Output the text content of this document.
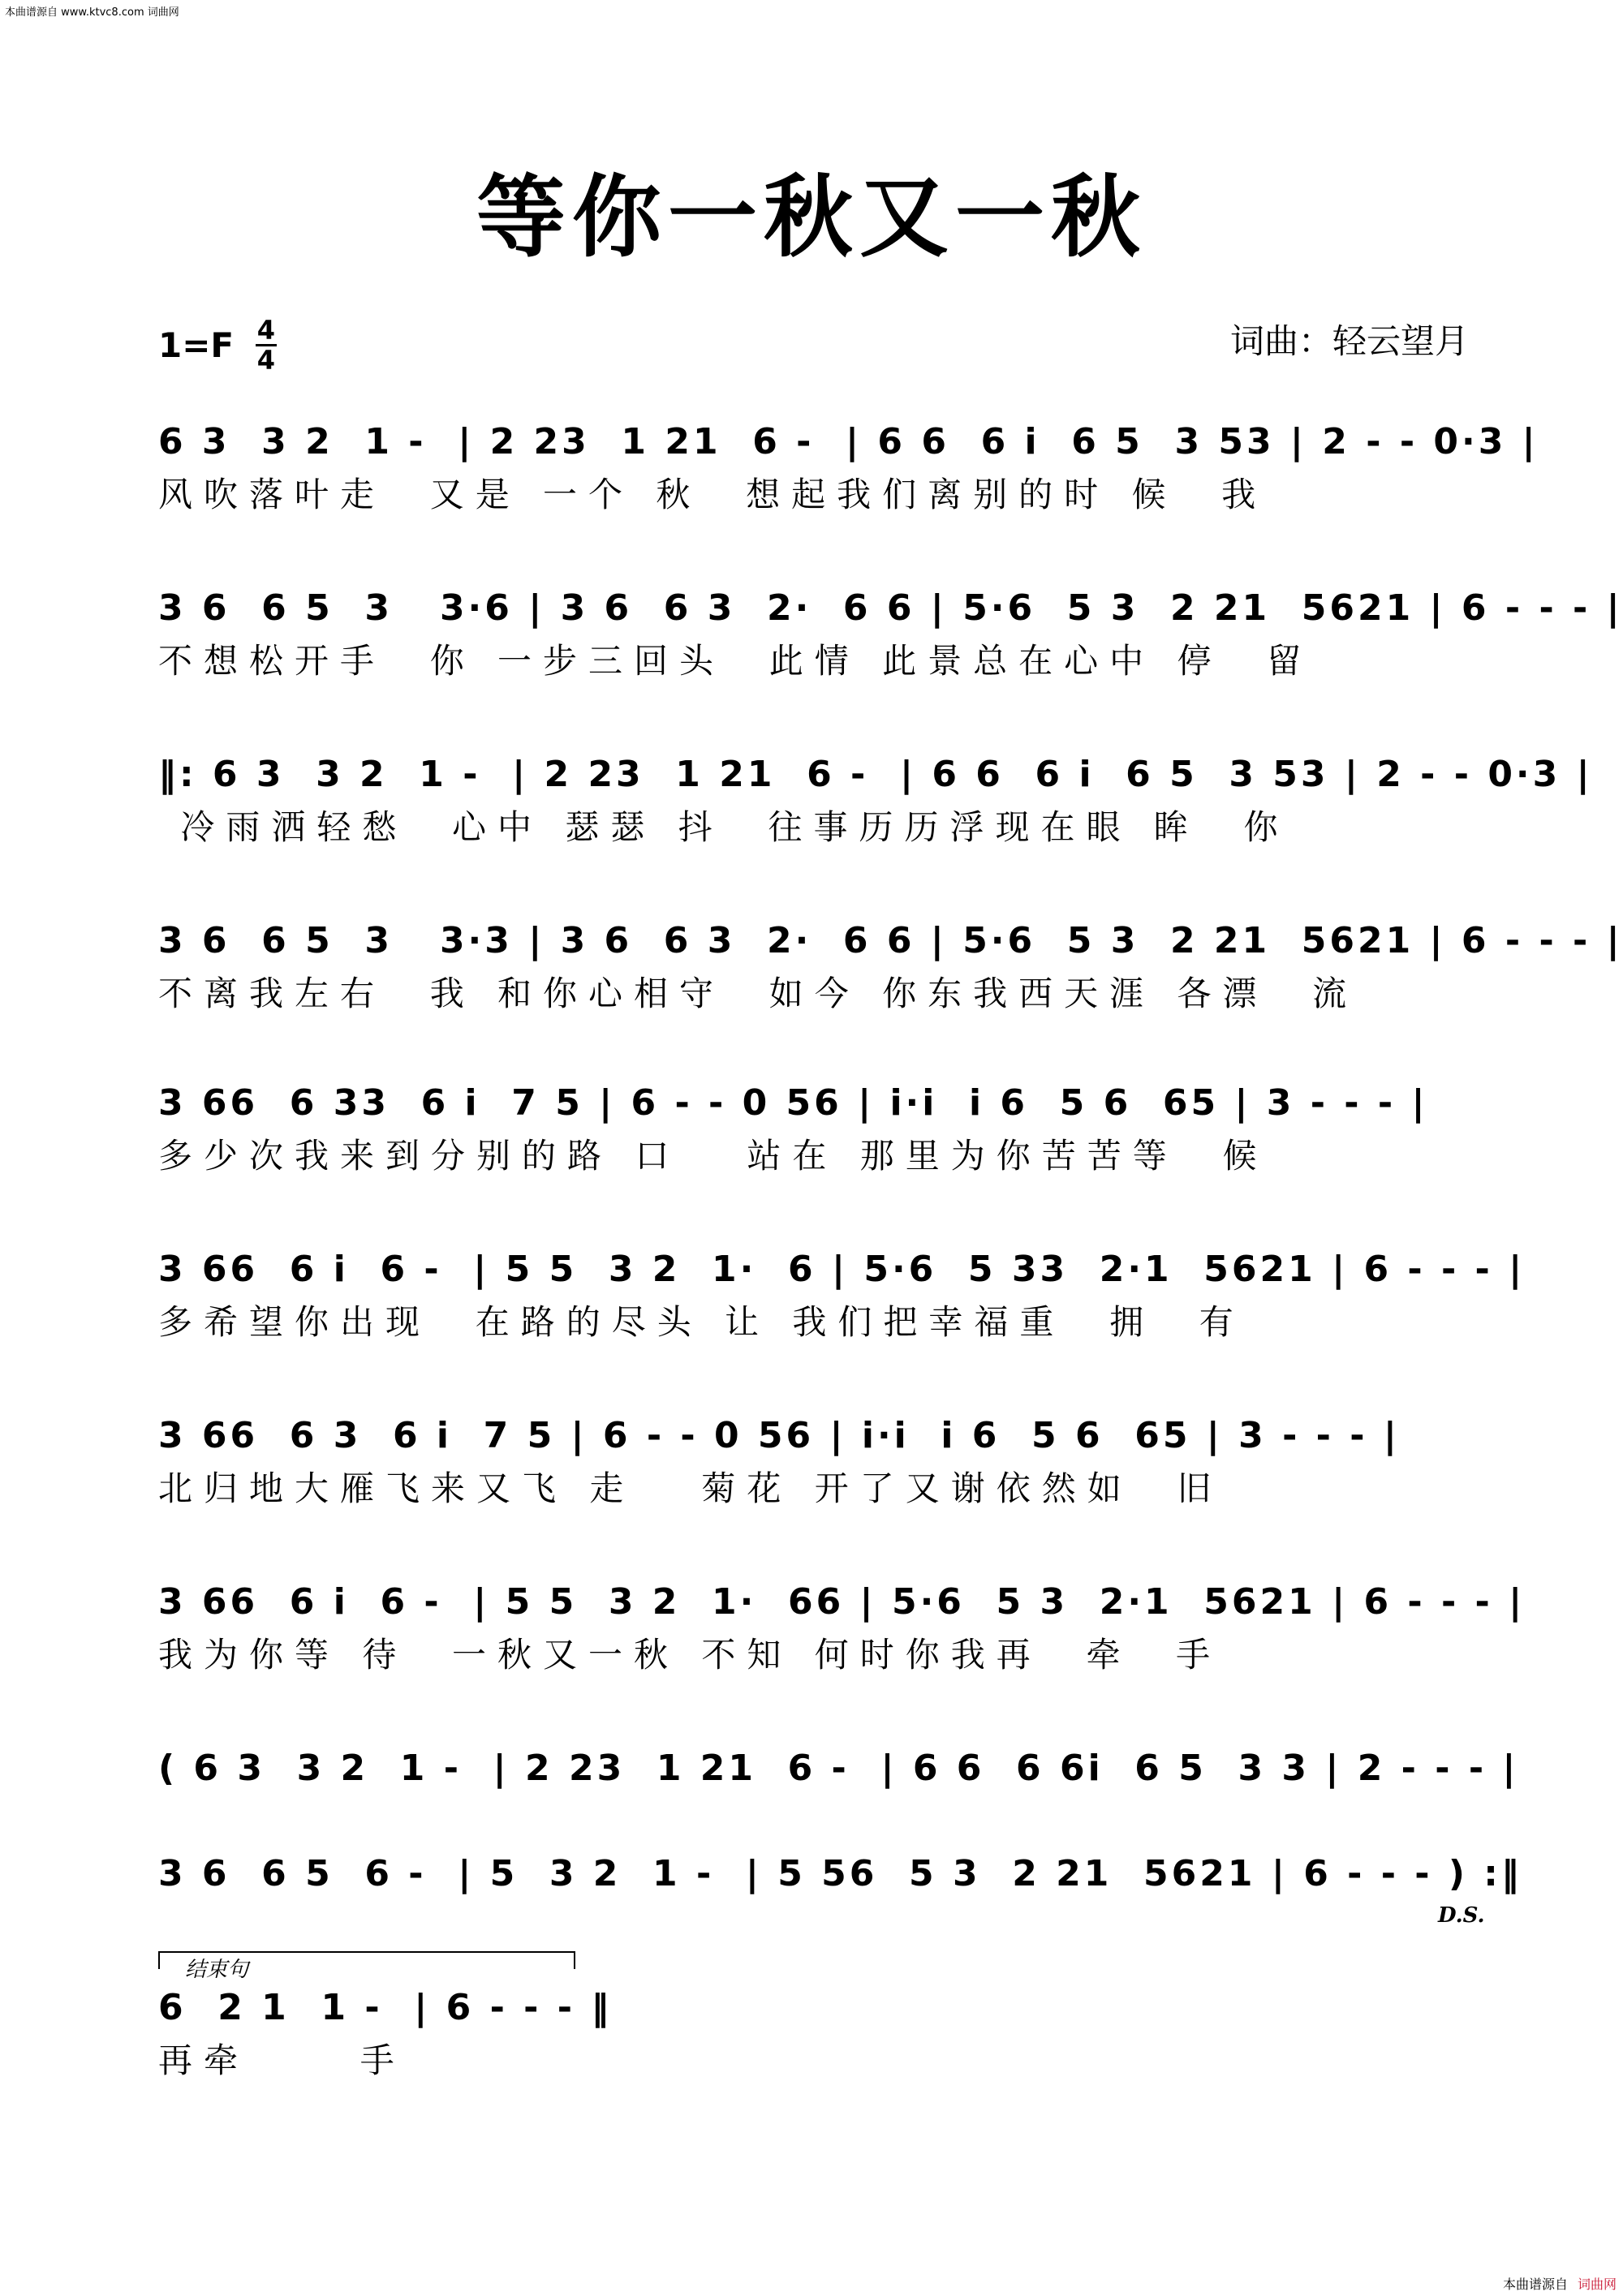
本曲谱源自 www.ktvc8.com 词曲网
等你一秋又一秋
$1=F \frac{4}{4}$	词曲：轻云望月
6 3  3 2  1 -  | 2 23  1 21  6 -  | 6 6  6 i  6 5  3 53 | 2 - - 0·3 |
风吹落叶走  又是 一个 秋  想起我们离别的时 候  我
3 6  6 5  3   3·6 | 3 6  6 3  2·  6 6 | 5·6  5 3  2 21  5621 | 6 - - - |
不想松开手  你 一步三回头  此情 此景总在心中 停  留
‖: 6 3  3 2  1 -  | 2 23  1 21  6 -  | 6 6  6 i  6 5  3 53 | 2 - - 0·3 |
冷雨洒轻愁  心中 瑟瑟 抖  往事历历浮现在眼 眸  你
3 6  6 5  3   3·3 | 3 6  6 3  2·  6 6 | 5·6  5 3  2 21  5621 | 6 - - - |
不离我左右  我 和你心相守  如今 你东我西天涯 各漂  流
3 66  6 33  6 i  7 5 | 6 - - 0 56 | i·i  i 6  5 6  65 | 3 - - - |
多少次我来到分别的路 口   站在 那里为你苦苦等  候
3 66  6 i  6 -  | 5 5  3 2  1·  6 | 5·6  5 33  2·1  5621 | 6 - - - |
多希望你出现  在路的尽头 让 我们把幸福重  拥  有
3 66  6 3  6 i  7 5 | 6 - - 0 56 | i·i  i 6  5 6  65 | 3 - - - |
北归地大雁飞来又飞 走   菊花 开了又谢依然如  旧
3 66  6 i  6 -  | 5 5  3 2  1·  66 | 5·6  5 3  2·1  5621 | 6 - - - |
我为你等 待  一秋又一秋 不知 何时你我再  牵  手
( 6 3  3 2  1 -  | 2 23  1 21  6 -  | 6 6  6 6i  6 5  3 3 | 2 - - - |
3 6  6 5  6 -  | 5  3 2  1 -  | 5 56  5 3  2 21  5621 | 6 - - - ) :‖
D.S.
结束句
6  2 1  1 -  | 6 - - - ‖
再牵     手
本曲谱源自 词曲网
